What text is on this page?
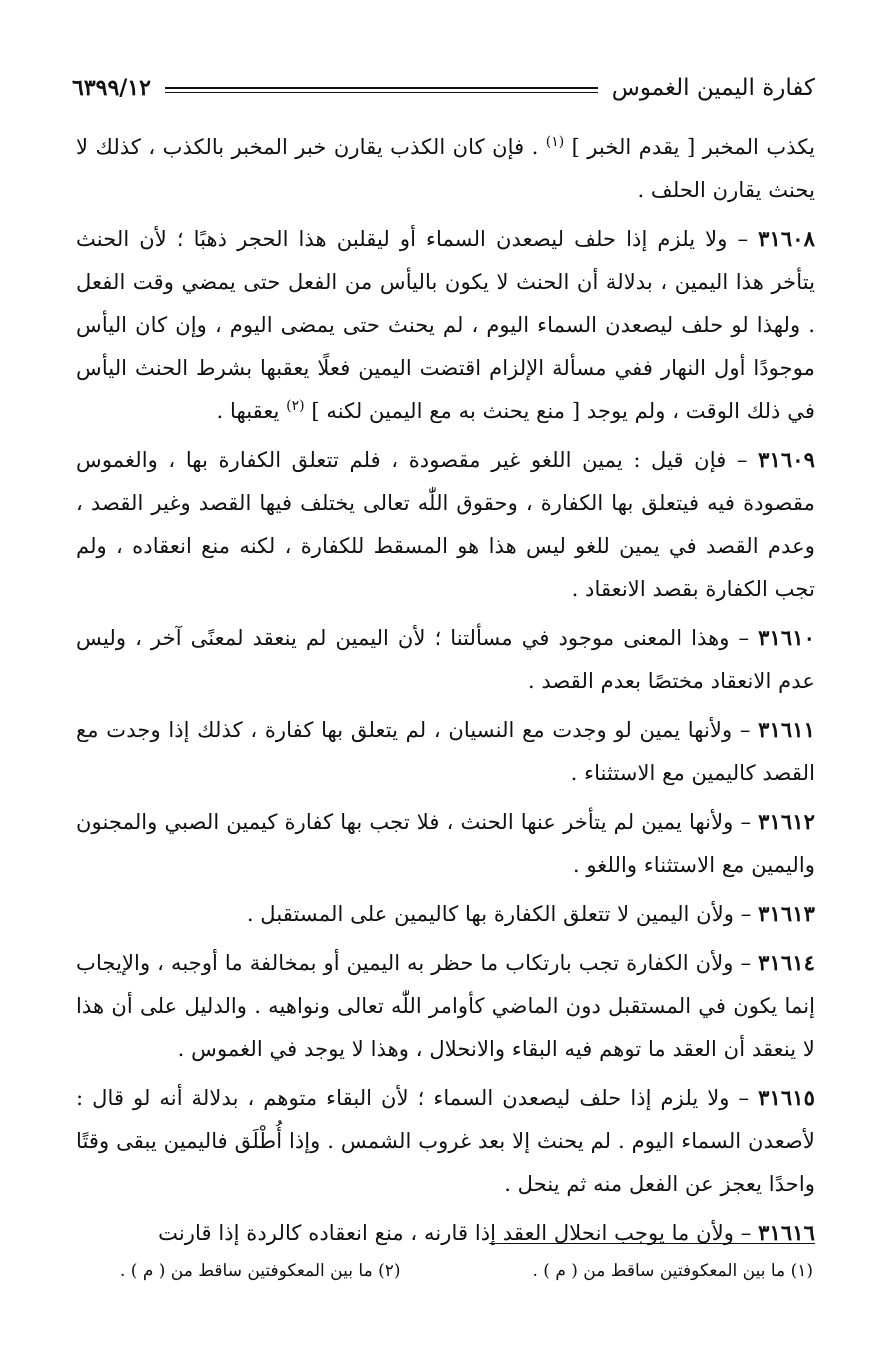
كفارة اليمين الغموس
٦٣٩٩/١٢

يكذب المخبر [ يقدم الخبر ] $^{(١)}$ . فإن كان الكذب يقارن خبر المخبر بالكذب ، كذلك لا يحنث يقارن الحلف .

٣١٦٠٨ – ولا يلزم إذا حلف ليصعدن السماء أو ليقلبن هذا الحجر ذهبًا ؛ لأن الحنث يتأخر هذا اليمين ، بدلالة أن الحنث لا يكون باليأس من الفعل حتى يمضي وقت الفعل . ولهذا لو حلف ليصعدن السماء اليوم ، لم يحنث حتى يمضى اليوم ، وإن كان اليأس موجودًا أول النهار ففي مسألة الإلزام اقتضت اليمين فعلًا يعقبها بشرط الحنث اليأس في ذلك الوقت ، ولم يوجد [ منع يحنث به مع اليمين لكنه ] $^{(٢)}$ يعقبها .

٣١٦٠٩ – فإن قيل : يمين اللغو غير مقصودة ، فلم تتعلق الكفارة بها ، والغموس مقصودة فيه فيتعلق بها الكفارة ، وحقوق اللّٰه تعالى يختلف فيها القصد وغير القصد ، وعدم القصد في يمين للغو ليس هذا هو المسقط للكفارة ، لكنه منع انعقاده ، ولم تجب الكفارة بقصد الانعقاد .

٣١٦١٠ – وهذا المعنى موجود في مسألتنا ؛ لأن اليمين لم ينعقد لمعنًى آخر ، وليس عدم الانعقاد مختصًا بعدم القصد .

٣١٦١١ – ولأنها يمين لو وجدت مع النسيان ، لم يتعلق بها كفارة ، كذلك إذا وجدت مع القصد كاليمين مع الاستثناء .

٣١٦١٢ – ولأنها يمين لم يتأخر عنها الحنث ، فلا تجب بها كفارة كيمين الصبي والمجنون واليمين مع الاستثناء واللغو .

٣١٦١٣ – ولأن اليمين لا تتعلق الكفارة بها كاليمين على المستقبل .

٣١٦١٤ – ولأن الكفارة تجب بارتكاب ما حظر به اليمين أو بمخالفة ما أوجبه ، والإيجاب إنما يكون في المستقبل دون الماضي كأوامر اللّٰه تعالى ونواهيه . والدليل على أن هذا لا ينعقد أن العقد ما توهم فيه البقاء والانحلال ، وهذا لا يوجد في الغموس .

٣١٦١٥ – ولا يلزم إذا حلف ليصعدن السماء ؛ لأن البقاء متوهم ، بدلالة أنه لو قال : لأصعدن السماء اليوم . لم يحنث إلا بعد غروب الشمس . وإذا أُطْلَق فاليمين يبقى وقتًا واحدًا يعجز عن الفعل منه ثم ينحل .

٣١٦١٦ – ولأن ما يوجب انحلال العقد إذا قارنه ، منع انعقاده كالردة إذا قارنت

(١) ما بين المعكوفتين ساقط من ( م ) .
(٢) ما بين المعكوفتين ساقط من ( م ) .
